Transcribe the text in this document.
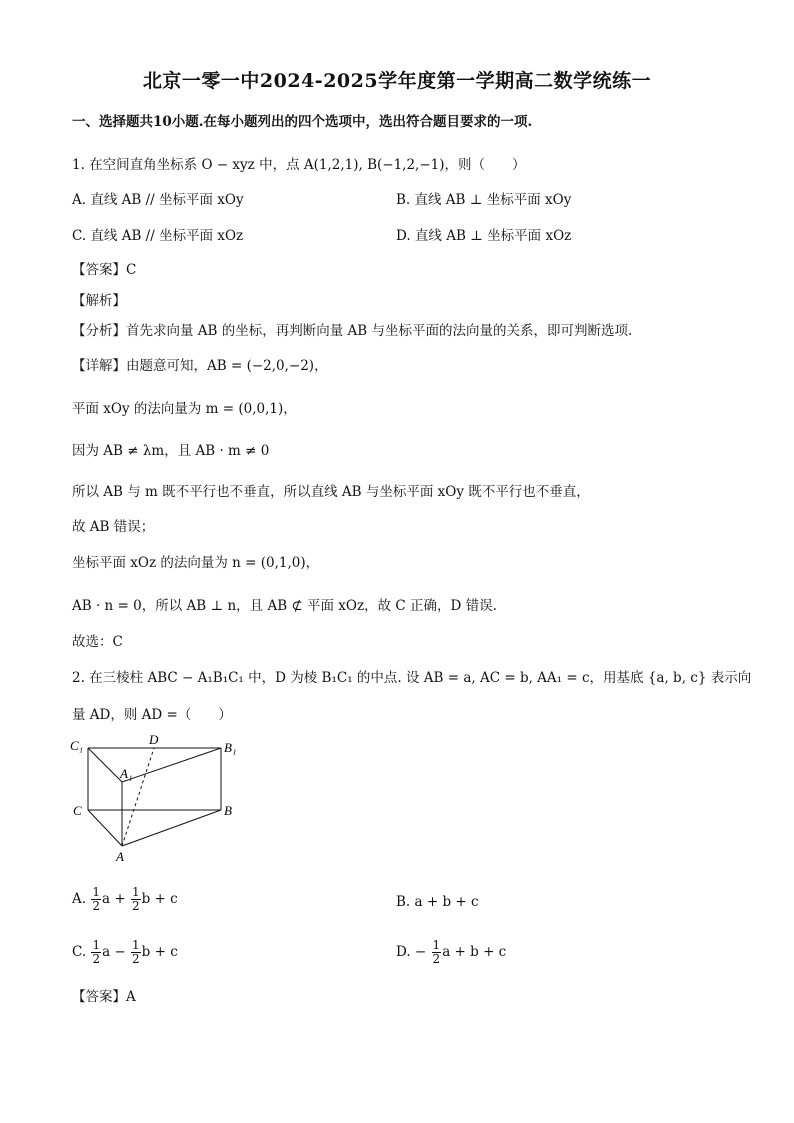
北京一零一中2024-2025学年度第一学期高二数学统练一
一、选择题共10小题.在每小题列出的四个选项中，选出符合题目要求的一项.
1. 在空间直角坐标系 O − xyz 中，点 A(1,2,1), B(−1,2,−1)，则（　　）
A. 直线 AB // 坐标平面 xOy	B. 直线 AB ⊥ 坐标平面 xOy
C. 直线 AB // 坐标平面 xOz	D. 直线 AB ⊥ 坐标平面 xOz
【答案】C
【解析】
【分析】首先求向量 AB 的坐标，再判断向量 AB 与坐标平面的法向量的关系，即可判断选项.
【详解】由题意可知，AB = (−2,0,−2)，
平面 xOy 的法向量为 m = (0,0,1)，
因为 AB ≠ λm，且 AB · m ≠ 0
所以 AB 与 m 既不平行也不垂直，所以直线 AB 与坐标平面 xOy 既不平行也不垂直，
故 AB 错误；
坐标平面 xOz 的法向量为 n = (0,1,0)，
AB · n = 0，所以 AB ⊥ n，且 AB ⊄ 平面 xOz，故 C 正确，D 错误.
故选：C
2. 在三棱柱 ABC − A₁B₁C₁ 中，D 为棱 B₁C₁ 的中点. 设 AB = a, AC = b, AA₁ = c，用基底 {a, b, c} 表示向
量 AD，则 AD =（　　）
C₁	D
B₁
A₁
C	B
A
A. $\frac{1}{2}$ $a + \frac{1}{2}$ b + c	B. a + b + c
C. $\frac{1}{2}$ $a - \frac{1}{2}$ b + c	D. − $\frac{1}{2}$ a + b + c
【答案】A
